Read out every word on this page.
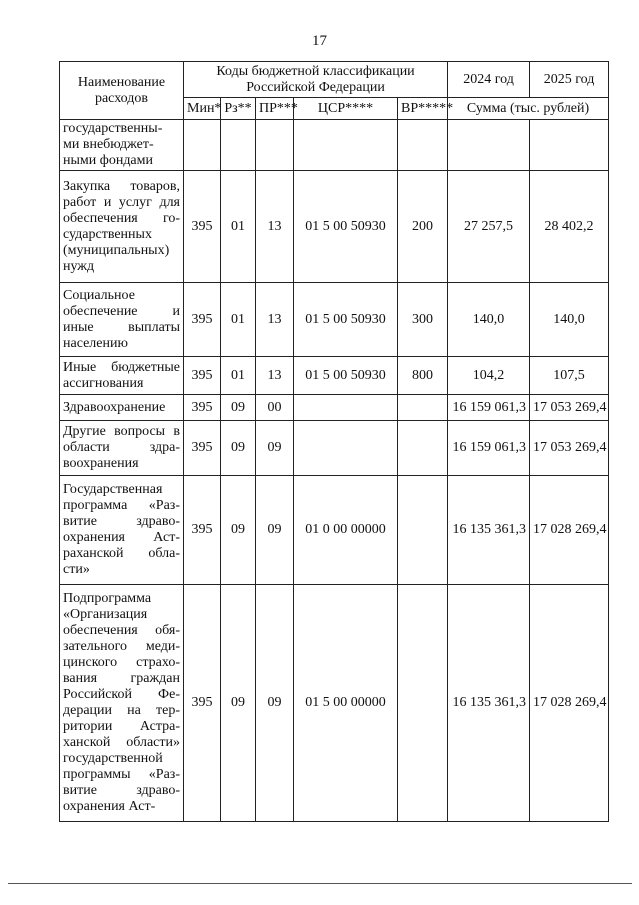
17
Наименование расходов	Коды бюджетной классификации Российской Федерации					2024 год	2025 год
	Мин*	Рз**	ПР***	ЦСР****	ВР*****	Сумма (тыс. рублей)	
государственны-
ми внебюджет-
ными фондами							
Закупка товаров, работ и услуг для обеспечения го-сударственных (муниципальных) нужд	395	01	13	01 5 00 50930	200	27 257,5	28 402,2
Социальное обеспечение и иные выплаты населению	395	01	13	01 5 00 50930	300	140,0	140,0
Иные бюджетные ассигнования	395	01	13	01 5 00 50930	800	104,2	107,5
Здравоохранение	395	09	00			16 159 061,3	17 053 269,4
Другие вопросы в области здра-воохранения	395	09	09			16 159 061,3	17 053 269,4
Государственная программа «Раз-витие здраво-охранения Аст-раханской обла-сти»	395	09	09	01 0 00 00000		16 135 361,3	17 028 269,4
Подпрограмма «Организация обеспечения обя-зательного меди-цинского страхо-вания граждан Российской Фе-дерации на тер-ритории Астра-ханской области» государственной программы «Раз-витие здраво-охранения Аст-	395	09	09	01 5 00 00000		16 135 361,3	17 028 269,4
